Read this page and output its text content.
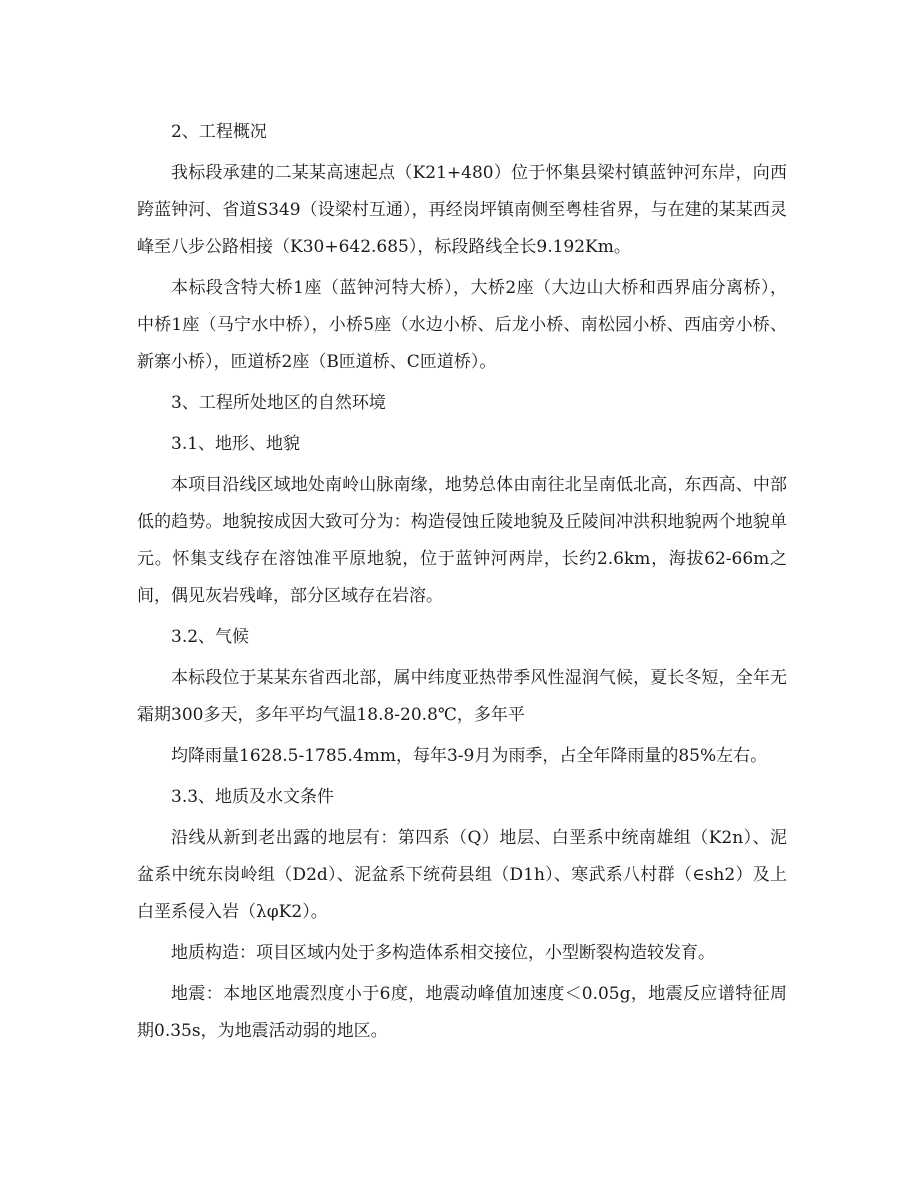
2、工程概况

我标段承建的二某某高速起点（K21+480）位于怀集县梁村镇蓝钟河东岸，向西跨蓝钟河、省道S349（设梁村互通），再经岗坪镇南侧至粤桂省界，与在建的某某西灵峰至八步公路相接（K30+642.685），标段路线全长9.192Km。

本标段含特大桥1座（蓝钟河特大桥），大桥2座（大边山大桥和西界庙分离桥），中桥1座（马宁水中桥），小桥5座（水边小桥、后龙小桥、南松园小桥、西庙旁小桥、新寨小桥），匝道桥2座（B匝道桥、C匝道桥）。

3、工程所处地区的自然环境

3.1、地形、地貌

本项目沿线区域地处南岭山脉南缘，地势总体由南往北呈南低北高，东西高、中部低的趋势。地貌按成因大致可分为：构造侵蚀丘陵地貌及丘陵间冲洪积地貌两个地貌单元。怀集支线存在溶蚀准平原地貌，位于蓝钟河两岸，长约2.6km，海拔62-66m之间，偶见灰岩残峰，部分区域存在岩溶。

3.2、气候

本标段位于某某东省西北部，属中纬度亚热带季风性湿润气候，夏长冬短，全年无霜期300多天，多年平均气温18.8-20.8℃，多年平

均降雨量1628.5-1785.4mm，每年3-9月为雨季，占全年降雨量的85%左右。

3.3、地质及水文条件

沿线从新到老出露的地层有：第四系（Q）地层、白垩系中统南雄组（K2n）、泥盆系中统东岗岭组（D2d）、泥盆系下统荷县组（D1h）、寒武系八村群（∈sh2）及上白垩系侵入岩（λφK2）。

地质构造：项目区域内处于多构造体系相交接位，小型断裂构造较发育。

地震：本地区地震烈度小于6度，地震动峰值加速度＜0.05g，地震反应谱特征周期0.35s，为地震活动弱的地区。
